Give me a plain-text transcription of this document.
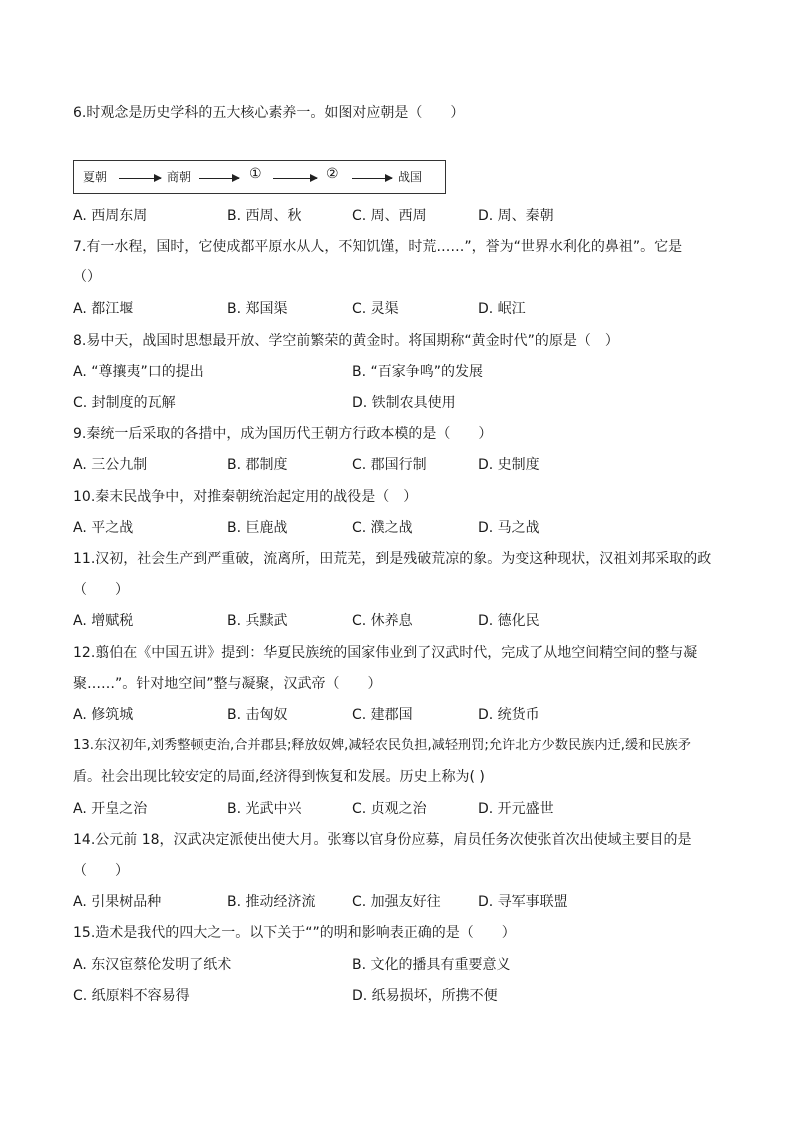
6.时观念是历史学科的五大核心素养一。如图对应朝是（　　）
夏朝	商朝	①	②	战国
A. 西周东周	B. 西周、秋	C. 周、西周	D. 周、秦朝
7.有一水程，国时，它使成都平原水从人，不知饥馑，时荒……”，誉为“世界水利化的鼻祖”。它是
（）
A. 都江堰	B. 郑国渠	C. 灵渠	D. 岷江
8.易中天，战国时思想最开放、学空前繁荣的黄金时。将国期称“黄金时代”的原是（　）
A. “尊攘夷”口的提出	B. “百家争鸣”的发展
C. 封制度的瓦解	D. 铁制农具使用
9.秦统一后采取的各措中，成为国历代王朝方行政本模的是（　　）
A. 三公九制	B. 郡制度	C. 郡国行制	D. 史制度
10.秦末民战争中，对推秦朝统治起定用的战役是（　）
A. 平之战	B. 巨鹿战	C. 濮之战	D. 马之战
11.汉初，社会生产到严重破，流离所，田荒芜，到是残破荒凉的象。为变这种现状，汉祖刘邦采取的政
（　　）
A. 增赋税	B. 兵黩武	C. 休养息	D. 德化民
12.翦伯在《中国五讲》提到：华夏民族统的国家伟业到了汉武时代，完成了从地空间精空间的整与凝
聚……”。针对地空间”整与凝聚，汉武帝（　　）
A. 修筑城	B. 击匈奴	C. 建郡国	D. 统货币
13.东汉初年,刘秀整顿吏治,合并郡县;释放奴婢,减轻农民负担,减轻刑罚;允许北方少数民族内迁,缓和民族矛
盾。社会出现比较安定的局面,经济得到恢复和发展。历史上称为( )
A. 开皇之治	B. 光武中兴	C. 贞观之治	D. 开元盛世
14.公元前 18，汉武决定派使出使大月。张骞以官身份应募，肩员任务次使张首次出使域主要目的是
（　　）
A. 引果树品种	B. 推动经济流	C. 加强友好往	D. 寻军事联盟
15.造术是我代的四大之一。以下关于“”的明和影响表正确的是（　　）
A. 东汉宦蔡伦发明了纸术	B. 文化的播具有重要意义
C. 纸原料不容易得	D. 纸易损坏，所携不便
